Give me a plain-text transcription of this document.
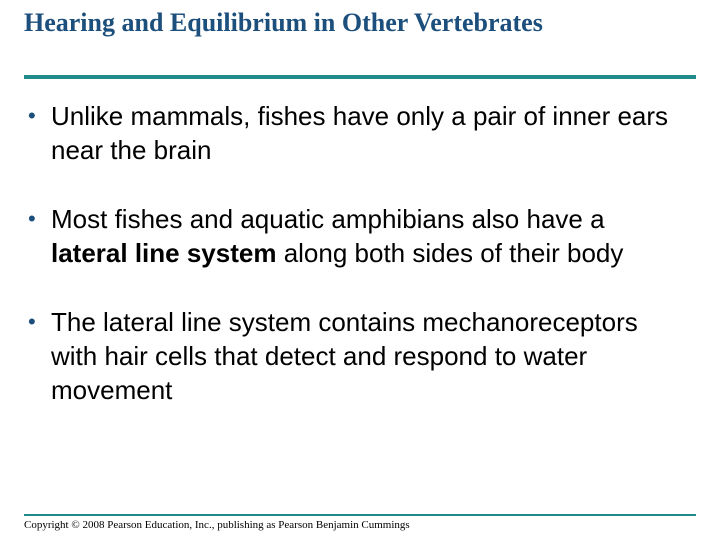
Hearing and Equilibrium in Other Vertebrates
• Unlike mammals, fishes have only a pair of inner ears near the brain
• Most fishes and aquatic amphibians also have a lateral line system along both sides of their body
• The lateral line system contains mechanoreceptors with hair cells that detect and respond to water movement
Copyright © 2008 Pearson Education, Inc., publishing as Pearson Benjamin Cummings
